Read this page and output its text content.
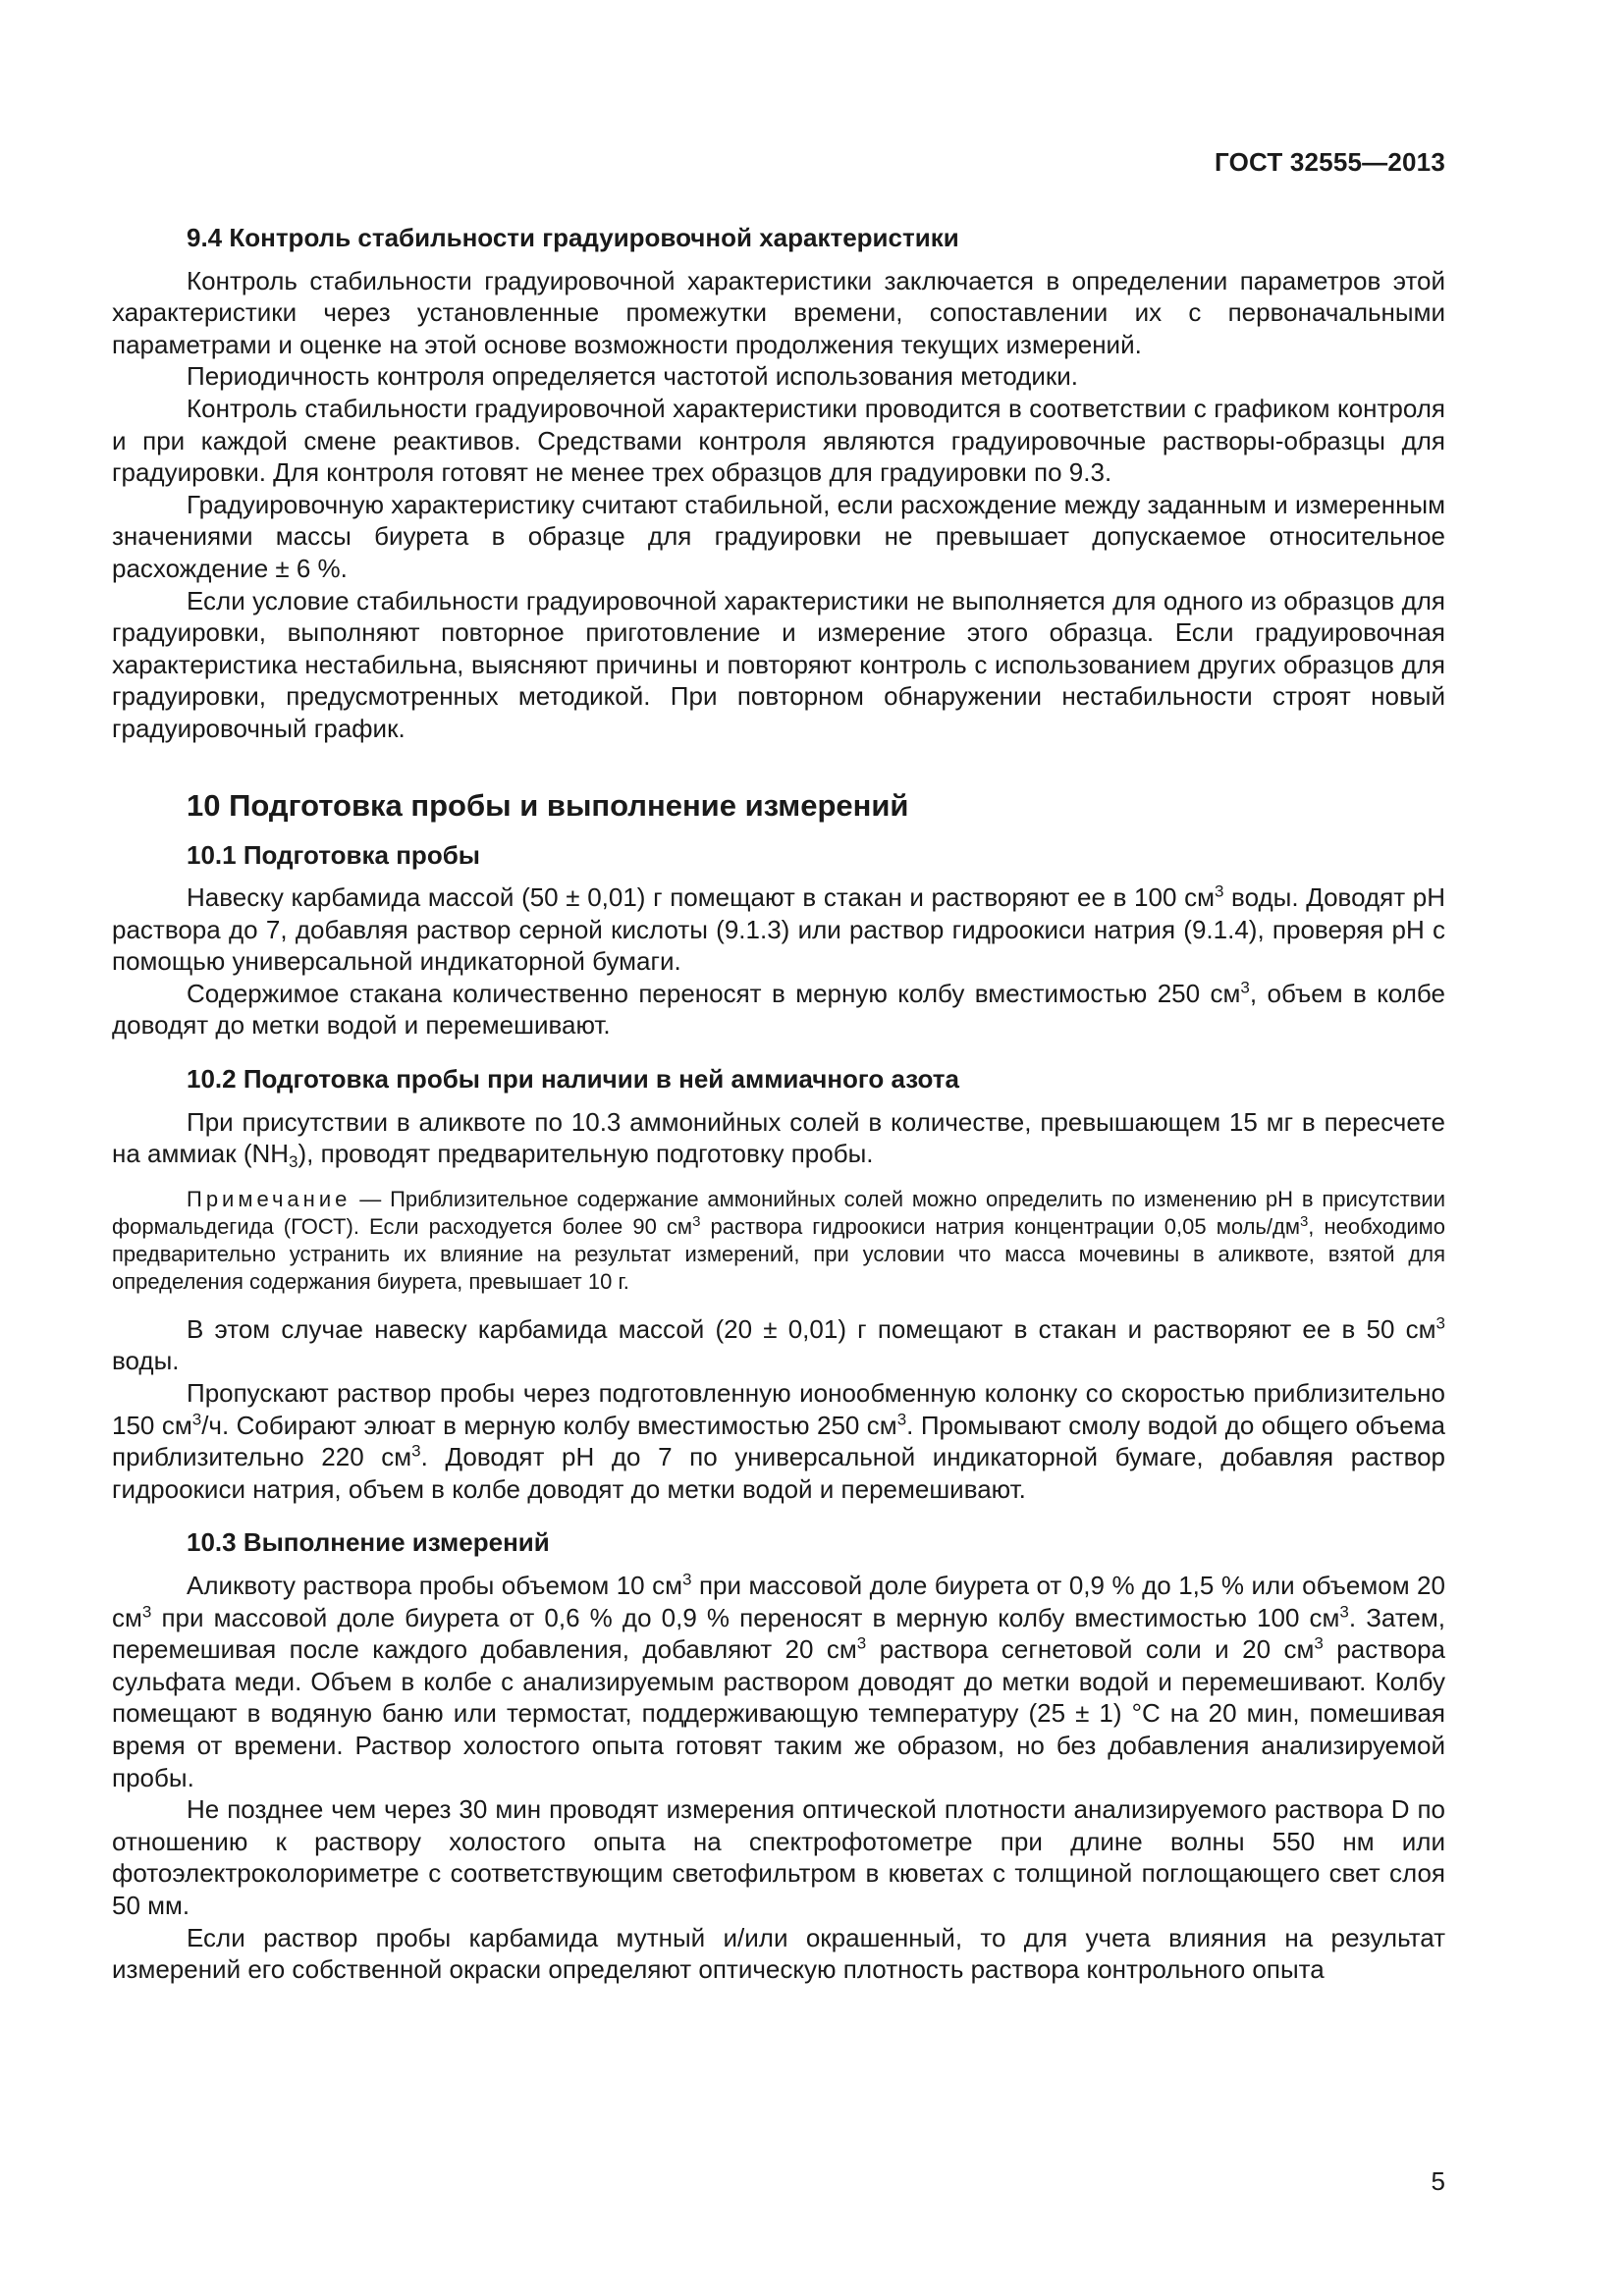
ГОСТ 32555—2013
9.4 Контроль стабильности градуировочной характеристики

Контроль стабильности градуировочной характеристики заключается в определении параметров этой характеристики через установленные промежутки времени, сопоставлении их с первоначальными параметрами и оценке на этой основе возможности продолжения текущих измерений.

Периодичность контроля определяется частотой использования методики.

Контроль стабильности градуировочной характеристики проводится в соответствии с графиком контроля и при каждой смене реактивов. Средствами контроля являются градуировочные растворы-образцы для градуировки. Для контроля готовят не менее трех образцов для градуировки по 9.3.

Градуировочную характеристику считают стабильной, если расхождение между заданным и измеренным значениями массы биурета в образце для градуировки не превышает допускаемое относительное расхождение ± 6 %.

Если условие стабильности градуировочной характеристики не выполняется для одного из образцов для градуировки, выполняют повторное приготовление и измерение этого образца. Если градуировочная характеристика нестабильна, выясняют причины и повторяют контроль с использованием других образцов для градуировки, предусмотренных методикой. При повторном обнаружении нестабильности строят новый градуировочный график.

10 Подготовка пробы и выполнение измерений
10.1 Подготовка пробы

Навеску карбамида массой (50 ± 0,01) г помещают в стакан и растворяют ее в 100 $см^3$ воды. Доводят pH раствора до 7, добавляя раствор серной кислоты (9.1.3) или раствор гидроокиси натрия (9.1.4), проверяя pH с помощью универсальной индикаторной бумаги.

Содержимое стакана количественно переносят в мерную колбу вместимостью 250 $см^3$, объем в колбе доводят до метки водой и перемешивают.

10.2 Подготовка пробы при наличии в ней аммиачного азота

При присутствии в аликвоте по 10.3 аммонийных солей в количестве, превышающем 15 мг в пересчете на аммиак $(NH_3)$, проводят предварительную подготовку пробы.

Примечание — Приблизительное содержание аммонийных солей можно определить по изменению pH в присутствии формальдегида (ГОСТ). Если расходуется более 90 $см^3$ раствора гидроокиси натрия концентрации 0,05 моль/$дм^3$, необходимо предварительно устранить их влияние на результат измерений, при условии что масса мочевины в аликвоте, взятой для определения содержания биурета, превышает 10 г.

В этом случае навеску карбамида массой (20 ± 0,01) г помещают в стакан и растворяют ее в 50 $см^3$ воды.

Пропускают раствор пробы через подготовленную ионообменную колонку со скоростью приблизительно 150 $см^3/ч$. Собирают элюат в мерную колбу вместимостью 250 $см^3$. Промывают смолу водой до общего объема приблизительно 220 $см^3$. Доводят pH до 7 по универсальной индикаторной бумаге, добавляя раствор гидроокиси натрия, объем в колбе доводят до метки водой и перемешивают.

10.3 Выполнение измерений

Аликвоту раствора пробы объемом 10 $см^3$ при массовой доле биурета от 0,9 % до 1,5 % или объемом 20 $см^3$ при массовой доле биурета от 0,6 % до 0,9 % переносят в мерную колбу вместимостью 100 $см^3$. Затем, перемешивая после каждого добавления, добавляют 20 $см^3$ раствора сегнетовой соли и 20 $см^3$ раствора сульфата меди. Объем в колбе с анализируемым раствором доводят до метки водой и перемешивают. Колбу помещают в водяную баню или термостат, поддерживающую температуру (25 ± 1) °С на 20 мин, помешивая время от времени. Раствор холостого опыта готовят таким же образом, но без добавления анализируемой пробы.

Не позднее чем через 30 мин проводят измерения оптической плотности анализируемого раствора D по отношению к раствору холостого опыта на спектрофотометре при длине волны 550 нм или фотоэлектроколориметре с соответствующим светофильтром в кюветах с толщиной поглощающего свет слоя 50 мм.

Если раствор пробы карбамида мутный и/или окрашенный, то для учета влияния на результат измерений его собственной окраски определяют оптическую плотность раствора контрольного опыта

5
